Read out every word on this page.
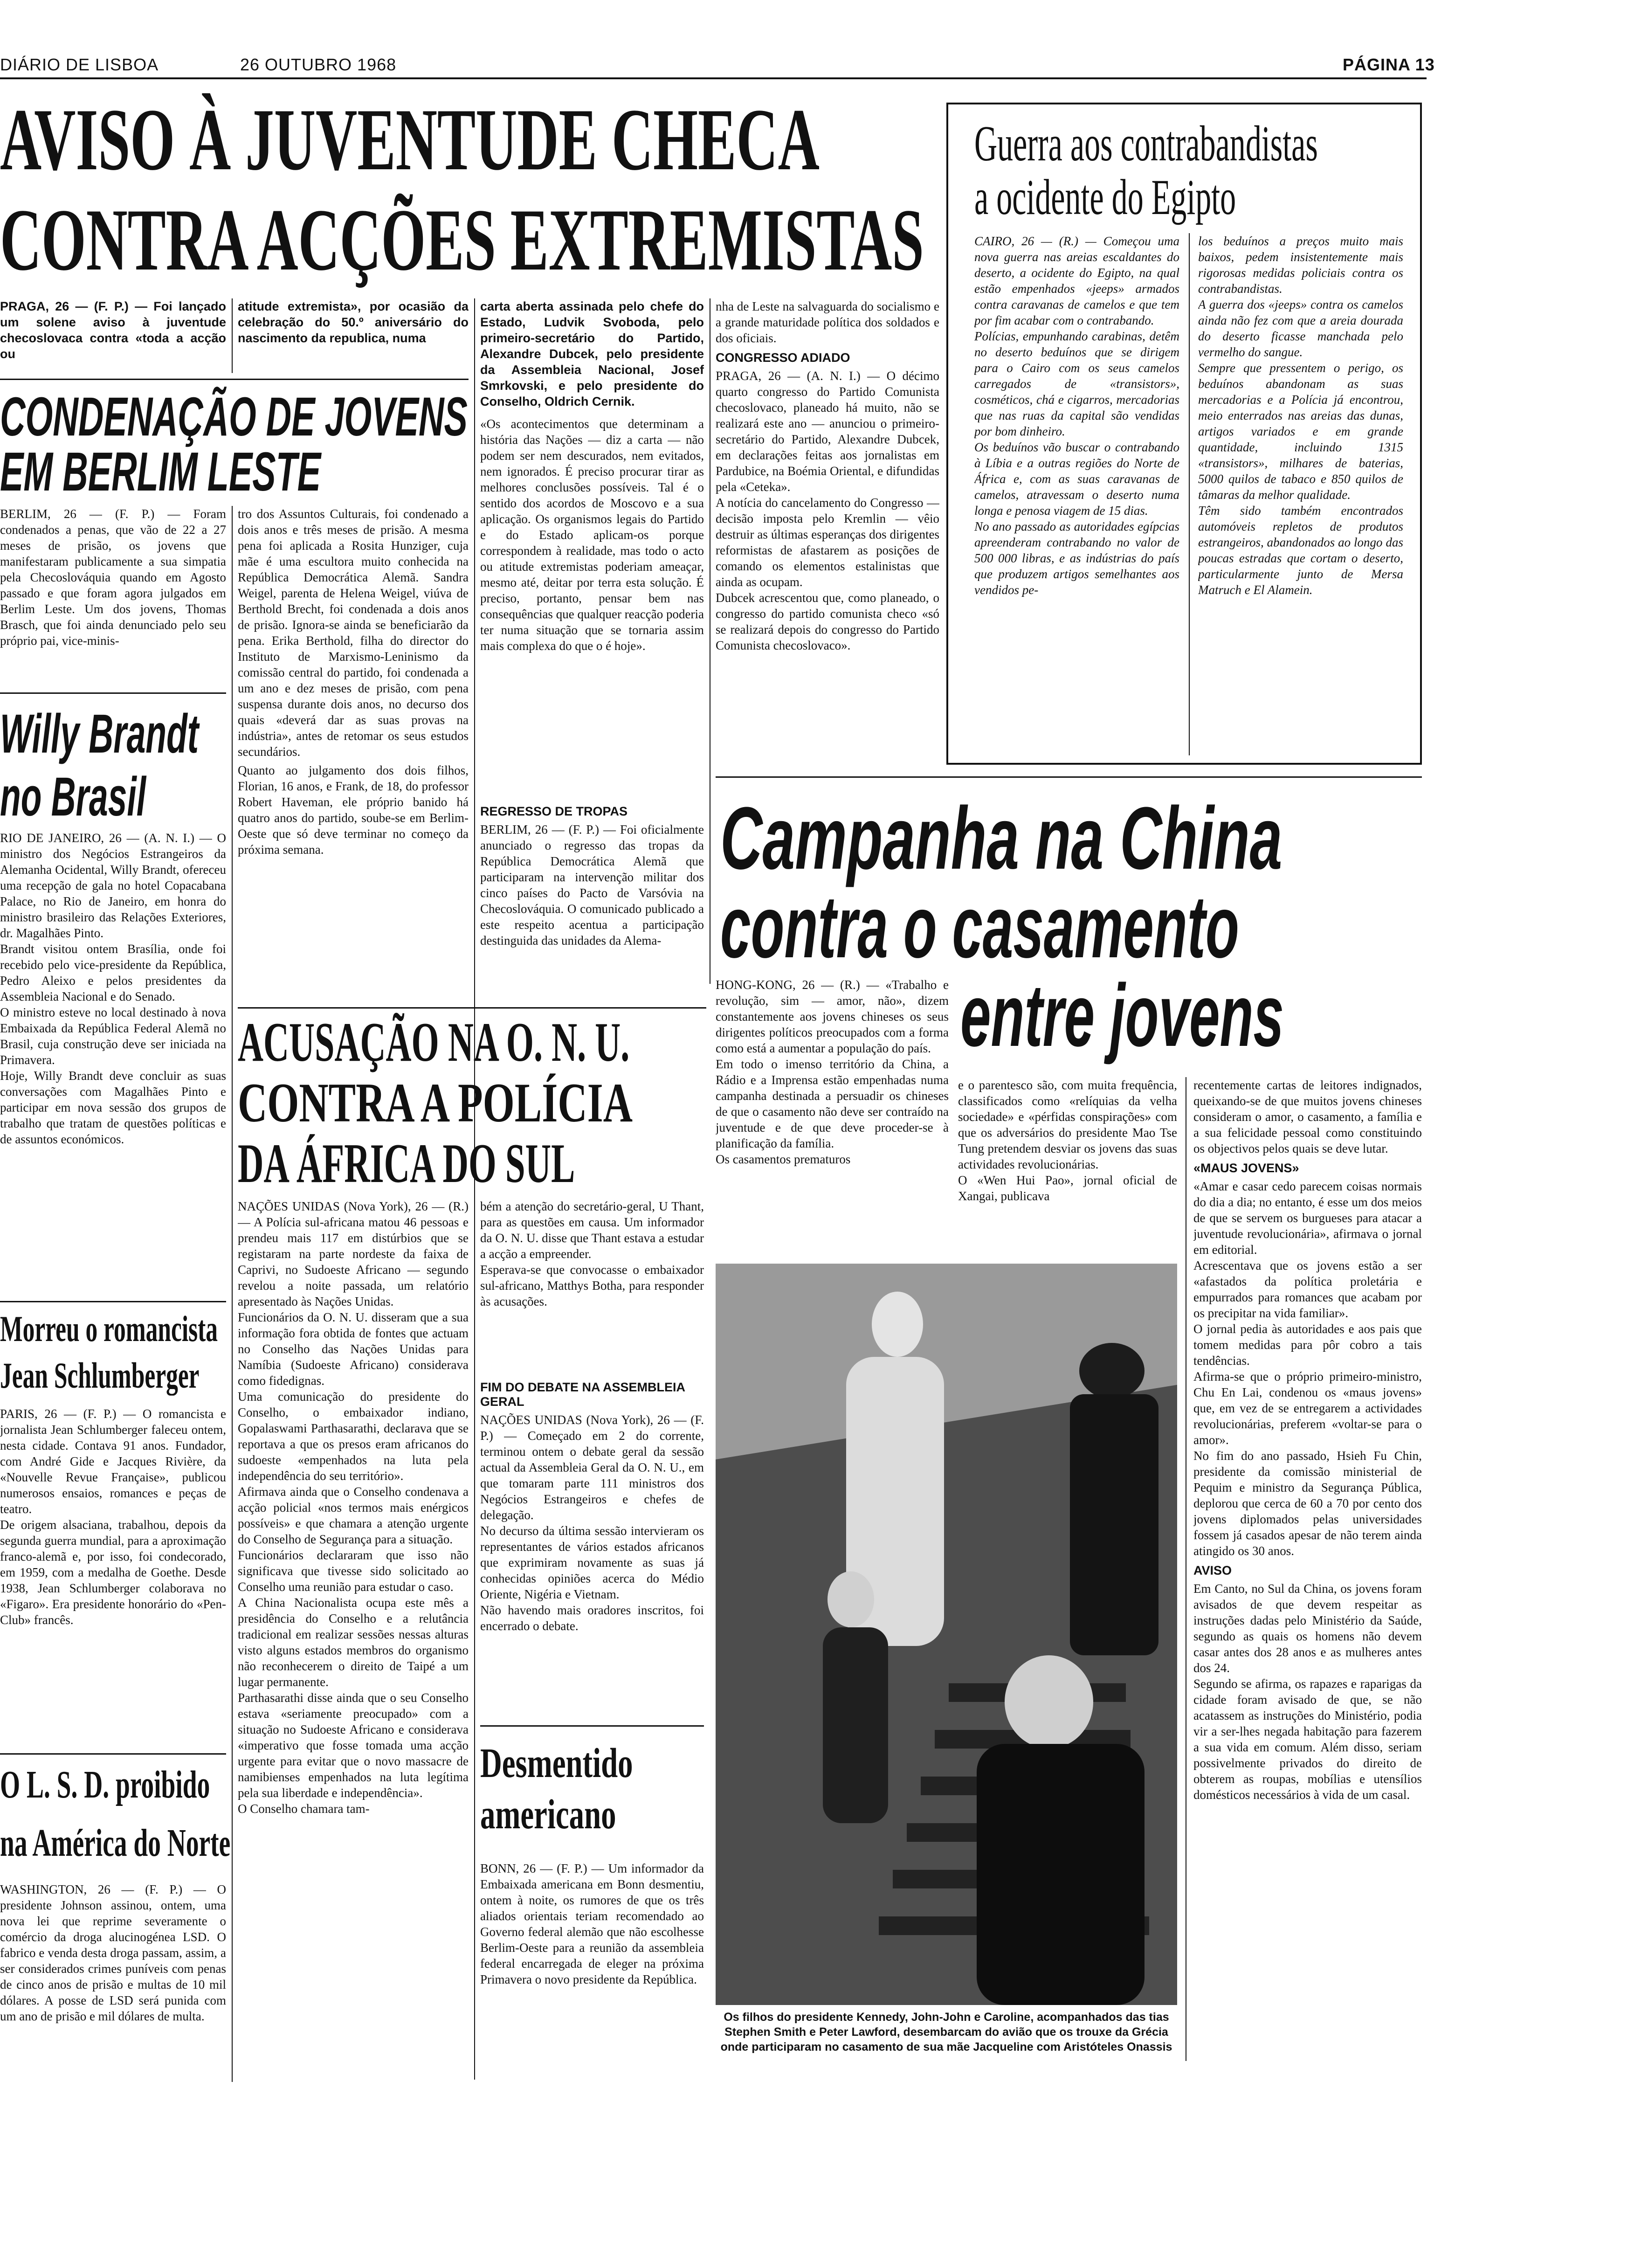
DIÁRIO DE LISBOA	26 OUTUBRO 1968	PÁGINA 13
AVISO À JUVENTUDE CHECA
CONTRA ACÇÕES EXTREMISTAS
PRAGA, 26 — (F. P.) — Foi lançado um solene aviso à juventude checoslovaca contra «toda a acção ou
atitude extremista», por ocasião da celebração do 50.º aniversário do nascimento da republica, numa
carta aberta assinada pelo chefe do Estado, Ludvik Svoboda, pelo primeiro-secretário do Partido, Alexandre Dubcek, pelo presidente da Assembleia Nacional, Josef Smrkovski, e pelo presidente do Conselho, Oldrich Cernik.
«Os acontecimentos que determinam a história das Nações — diz a carta — não podem ser nem descurados, nem evitados, nem ignorados. É preciso procurar tirar as melhores conclusões possíveis. Tal é o sentido dos acordos de Moscovo e a sua aplicação. Os organismos legais do Partido e do Estado aplicam-os porque correspondem à realidade, mas todo o acto ou atitude extremistas poderiam ameaçar, mesmo até, deitar por terra esta solução. É preciso, portanto, pensar bem nas consequências que qualquer reacção poderia ter numa situação que se tornaria assim mais complexa do que o é hoje».
nha de Leste na salvaguarda do socialismo e a grande maturidade política dos soldados e dos oficiais.
CONGRESSO ADIADO
PRAGA, 26 — (A. N. I.) — O décimo quarto congresso do Partido Comunista checoslovaco, planeado há muito, não se realizará este ano — anunciou o primeiro-secretário do Partido, Alexandre Dubcek, em declarações feitas aos jornalistas em Pardubice, na Boémia Oriental, e difundidas pela «Ceteka».
A notícia do cancelamento do Congresso — decisão imposta pelo Kremlin — vêio destruir as últimas esperanças dos dirigentes reformistas de afastarem as posições de comando os elementos estalinistas que ainda as ocupam.
Dubcek acrescentou que, como planeado, o congresso do partido comunista checo «só se realizará depois do congresso do Partido Comunista checoslovaco».
REGRESSO DE TROPAS
BERLIM, 26 — (F. P.) — Foi oficialmente anunciado o regresso das tropas da República Democrática Alemã que participaram na intervenção militar dos cinco países do Pacto de Varsóvia na Checoslováquia. O comunicado publicado a este respeito acentua a participação destinguida das unidades da Alema-
CONDENAÇÃO DE JOVENS
EM BERLIM LESTE
BERLIM, 26 — (F. P.) — Foram condenados a penas, que vão de 22 a 27 meses de prisão, os jovens que manifestaram publicamente a sua simpatia pela Checoslováquia quando em Agosto passado e que foram agora julgados em Berlim Leste. Um dos jovens, Thomas Brasch, que foi ainda denunciado pelo seu próprio pai, vice-minis-
tro dos Assuntos Culturais, foi condenado a dois anos e três meses de prisão. A mesma pena foi aplicada a Rosita Hunziger, cuja mãe é uma escultora muito conhecida na República Democrática Alemã. Sandra Weigel, parenta de Helena Weigel, viúva de Berthold Brecht, foi condenada a dois anos de prisão. Ignora-se ainda se beneficiarão da pena. Erika Berthold, filha do director do Instituto de Marxismo-Leninismo da comissão central do partido, foi condenada a um ano e dez meses de prisão, com pena suspensa durante dois anos, no decurso dos quais «deverá dar as suas provas na indústria», antes de retomar os seus estudos secundários.
Quanto ao julgamento dos dois filhos, Florian, 16 anos, e Frank, de 18, do professor Robert Haveman, ele próprio banido há quatro anos do partido, soube-se em Berlim-Oeste que só deve terminar no começo da próxima semana.
Willy Brandt
no Brasil
RIO DE JANEIRO, 26 — (A. N. I.) — O ministro dos Negócios Estrangeiros da Alemanha Ocidental, Willy Brandt, ofereceu uma recepção de gala no hotel Copacabana Palace, no Rio de Janeiro, em honra do ministro brasileiro das Relações Exteriores, dr. Magalhães Pinto.
Brandt visitou ontem Brasília, onde foi recebido pelo vice-presidente da República, Pedro Aleixo e pelos presidentes da Assembleia Nacional e do Senado.
O ministro esteve no local destinado à nova Embaixada da República Federal Alemã no Brasil, cuja construção deve ser iniciada na Primavera.
Hoje, Willy Brandt deve concluir as suas conversações com Magalhães Pinto e participar em nova sessão dos grupos de trabalho que tratam de questões políticas e de assuntos económicos.
Morreu o romancista
Jean Schlumberger
PARIS, 26 — (F. P.) — O romancista e jornalista Jean Schlumberger faleceu ontem, nesta cidade. Contava 91 anos. Fundador, com André Gide e Jacques Rivière, da «Nouvelle Revue Française», publicou numerosos ensaios, romances e peças de teatro.
De origem alsaciana, trabalhou, depois da segunda guerra mundial, para a aproximação franco-alemã e, por isso, foi condecorado, em 1959, com a medalha de Goethe. Desde 1938, Jean Schlumberger colaborava no «Figaro». Era presidente honorário do «Pen-Club» francês.
O L. S. D. proibido
na América do Norte
WASHINGTON, 26 — (F. P.) — O presidente Johnson assinou, ontem, uma nova lei que reprime severamente o comércio da droga alucinogénea LSD. O fabrico e venda desta droga passam, assim, a ser considerados crimes puníveis com penas de cinco anos de prisão e multas de 10 mil dólares. A posse de LSD será punida com um ano de prisão e mil dólares de multa.
ACUSAÇÃO NA O. N. U.
CONTRA A POLÍCIA
DA ÁFRICA DO SUL
NAÇÕES UNIDAS (Nova York), 26 — (R.) — A Polícia sul-africana matou 46 pessoas e prendeu mais 117 em distúrbios que se registaram na parte nordeste da faixa de Caprivi, no Sudoeste Africano — segundo revelou a noite passada, um relatório apresentado às Nações Unidas.
Funcionários da O. N. U. disseram que a sua informação fora obtida de fontes que actuam no Conselho das Nações Unidas para Namíbia (Sudoeste Africano) considerava como fidedignas.
Uma comunicação do presidente do Conselho, o embaixador indiano, Gopalaswami Parthasarathi, declarava que se reportava a que os presos eram africanos do sudoeste «empenhados na luta pela independência do seu território».
Afirmava ainda que o Conselho condenava a acção policial «nos termos mais enérgicos possíveis» e que chamara a atenção urgente do Conselho de Segurança para a situação.
Funcionários declararam que isso não significava que tivesse sido solicitado ao Conselho uma reunião para estudar o caso.
A China Nacionalista ocupa este mês a presidência do Conselho e a relutância tradicional em realizar sessões nessas alturas visto alguns estados membros do organismo não reconhecerem o direito de Taipé a um lugar permanente.
Parthasarathi disse ainda que o seu Conselho estava «seriamente preocupado» com a situação no Sudoeste Africano e considerava «imperativo que fosse tomada uma acção urgente para evitar que o novo massacre de namibienses empenhados na luta legítima pela sua liberdade e independência».
O Conselho chamara tam-
bém a atenção do secretário-geral, U Thant, para as questões em causa. Um informador da O. N. U. disse que Thant estava a estudar a acção a empreender.
Esperava-se que convocasse o embaixador sul-africano, Matthys Botha, para responder às acusações.
FIM DO DEBATE NA ASSEMBLEIA GERAL
NAÇÕES UNIDAS (Nova York), 26 — (F. P.) — Começado em 2 do corrente, terminou ontem o debate geral da sessão actual da Assembleia Geral da O. N. U., em que tomaram parte 111 ministros dos Negócios Estrangeiros e chefes de delegação.
No decurso da última sessão intervieram os representantes de vários estados africanos que exprimiram novamente as suas já conhecidas opiniões acerca do Médio Oriente, Nigéria e Vietnam.
Não havendo mais oradores inscritos, foi encerrado o debate.
Desmentido
americano
BONN, 26 — (F. P.) — Um informador da Embaixada americana em Bonn desmentiu, ontem à noite, os rumores de que os três aliados orientais teriam recomendado ao Governo federal alemão que não escolhesse Berlim-Oeste para a reunião da assembleia federal encarregada de eleger na próxima Primavera o novo presidente da República.
Guerra aos contrabandistas
a ocidente do Egipto
CAIRO, 26 — (R.) — Começou uma nova guerra nas areias escaldantes do deserto, a ocidente do Egipto, na qual estão empenhados «jeeps» armados contra caravanas de camelos e que tem por fim acabar com o contrabando.
Polícias, empunhando carabinas, detêm no deserto beduínos que se dirigem para o Cairo com os seus camelos carregados de «transistors», cosméticos, chá e cigarros, mercadorias que nas ruas da capital são vendidas por bom dinheiro.
Os beduínos vão buscar o contrabando à Líbia e a outras regiões do Norte de África e, com as suas caravanas de camelos, atravessam o deserto numa longa e penosa viagem de 15 dias.
No ano passado as autoridades egípcias apreenderam contrabando no valor de 500 000 libras, e as indústrias do país que produzem artigos semelhantes aos vendidos pe-
los beduínos a preços muito mais baixos, pedem insistentemente mais rigorosas medidas policiais contra os contrabandistas.
A guerra dos «jeeps» contra os camelos ainda não fez com que a areia dourada do deserto ficasse manchada pelo vermelho do sangue.
Sempre que pressentem o perigo, os beduínos abandonam as suas mercadorias e a Polícia já encontrou, meio enterrados nas areias das dunas, artigos variados e em grande quantidade, incluindo 1315 «transistors», milhares de baterias, 5000 quilos de tabaco e 850 quilos de tâmaras da melhor qualidade.
Têm sido também encontrados automóveis repletos de produtos estrangeiros, abandonados ao longo das poucas estradas que cortam o deserto, particularmente junto de Mersa Matruch e El Alamein.
Campanha na China
contra o casamento
entre jovens
HONG-KONG, 26 — (R.) — «Trabalho e revolução, sim — amor, não», dizem constantemente aos jovens chineses os seus dirigentes políticos preocupados com a forma como está a aumentar a população do país.
Em todo o imenso território da China, a Rádio e a Imprensa estão empenhadas numa campanha destinada a persuadir os chineses de que o casamento não deve ser contraído na juventude e de que deve proceder-se à planificação da família.
Os casamentos prematuros
e o parentesco são, com muita frequência, classificados como «relíquias da velha sociedade» e «pérfidas conspirações» com que os adversários do presidente Mao Tse Tung pretendem desviar os jovens das suas actividades revolucionárias.
O «Wen Hui Pao», jornal oficial de Xangai, publicava
recentemente cartas de leitores indignados, queixando-se de que muitos jovens chineses consideram o amor, o casamento, a família e a sua felicidade pessoal como constituindo os objectivos pelos quais se deve lutar.
«MAUS JOVENS»
«Amar e casar cedo parecem coisas normais do dia a dia; no entanto, é esse um dos meios de que se servem os burgueses para atacar a juventude revolucionária», afirmava o jornal em editorial.
Acrescentava que os jovens estão a ser «afastados da política proletária e empurrados para romances que acabam por os precipitar na vida familiar».
O jornal pedia às autoridades e aos pais que tomem medidas para pôr cobro a tais tendências.
Afirma-se que o próprio primeiro-ministro, Chu En Lai, condenou os «maus jovens» que, em vez de se entregarem a actividades revolucionárias, preferem «voltar-se para o amor».
No fim do ano passado, Hsieh Fu Chin, presidente da comissão ministerial de Pequim e ministro da Segurança Pública, deplorou que cerca de 60 a 70 por cento dos jovens diplomados pelas universidades fossem já casados apesar de não terem ainda atingido os 30 anos.
AVISO
Em Canto, no Sul da China, os jovens foram avisados de que devem respeitar as instruções dadas pelo Ministério da Saúde, segundo as quais os homens não devem casar antes dos 28 anos e as mulheres antes dos 24.
Segundo se afirma, os rapazes e raparigas da cidade foram avisado de que, se não acatassem as instruções do Ministério, podia vir a ser-lhes negada habitação para fazerem a sua vida em comum. Além disso, seriam possivelmente privados do direito de obterem as roupas, mobílias e utensílios domésticos necessários à vida de um casal.
Os filhos do presidente Kennedy, John-John e Caroline, acompanhados das tias Stephen Smith e Peter Lawford, desembarcam do avião que os trouxe da Grécia onde participaram no casamento de sua mãe Jacqueline com Aristóteles Onassis
